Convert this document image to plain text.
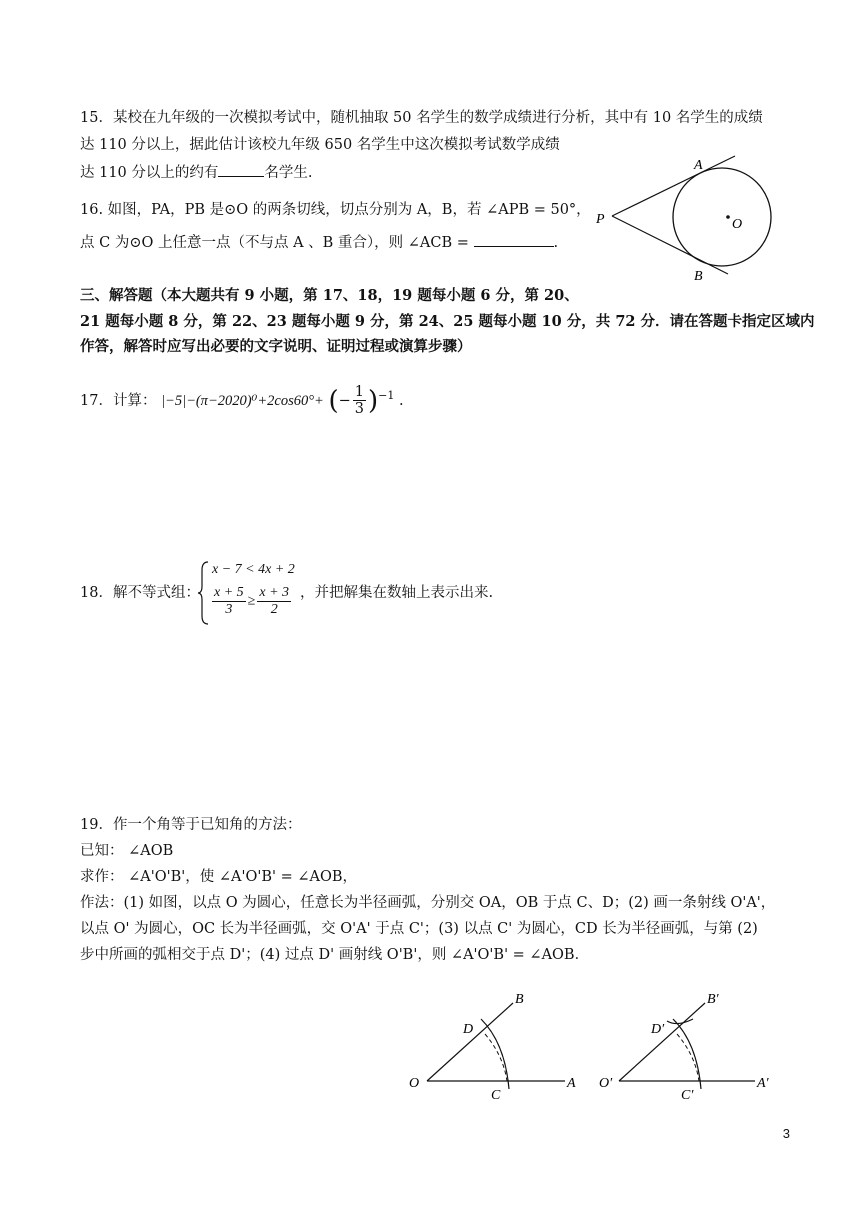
15．某校在九年级的一次模拟考试中，随机抽取 50 名学生的数学成绩进行分析，其中有 10 名学生的成绩
达 110 分以上，据此估计该校九年级 650 名学生中这次模拟考试数学成绩
达 110 分以上的约有	名学生.
16. 如图，PA，PB 是⊙O 的两条切线，切点分别为 A，B，若 ∠APB = 50°，
点 C 为⊙O 上任意一点（不与点 A 、B 重合），则 ∠ACB =	.
A
B
P	O
三、解答题（本大题共有 9 小题，第 17、18，19 题每小题 6 分，第 20、
21 题每小题 8 分，第 22、23 题每小题 9 分，第 24、25 题每小题 10 分，共 72 分．请在答题卡指定区域内
作答，解答时应写出必要的文字说明、证明过程或演算步骤）
17．计算： |−5|−(π−2020)⁰+2cos60°+ (− $\frac{1}{3} )^{-1}$ .
18．解不等式组：
x − 7 < 4x + 2
$\frac{x + 5}{3} \ge \frac{x + 3}{2}$ ，并把解集在数轴上表示出来.
19．作一个角等于已知角的方法：
已知： ∠AOB
求作： ∠A'O'B'，使 ∠A'O'B' = ∠AOB，
作法：(1) 如图，以点 O 为圆心，任意长为半径画弧，分别交 OA，OB 于点 C、D；(2) 画一条射线 O'A'，
以点 O' 为圆心，OC 长为半径画弧，交 O'A' 于点 C'；(3) 以点 C' 为圆心，CD 长为半径画弧，与第 (2)
步中所画的弧相交于点 D'；(4) 过点 D' 画射线 O'B'，则 ∠A'O'B' = ∠AOB．
O	A
B
C
D
O′	A′
B′
C′
D′
3
